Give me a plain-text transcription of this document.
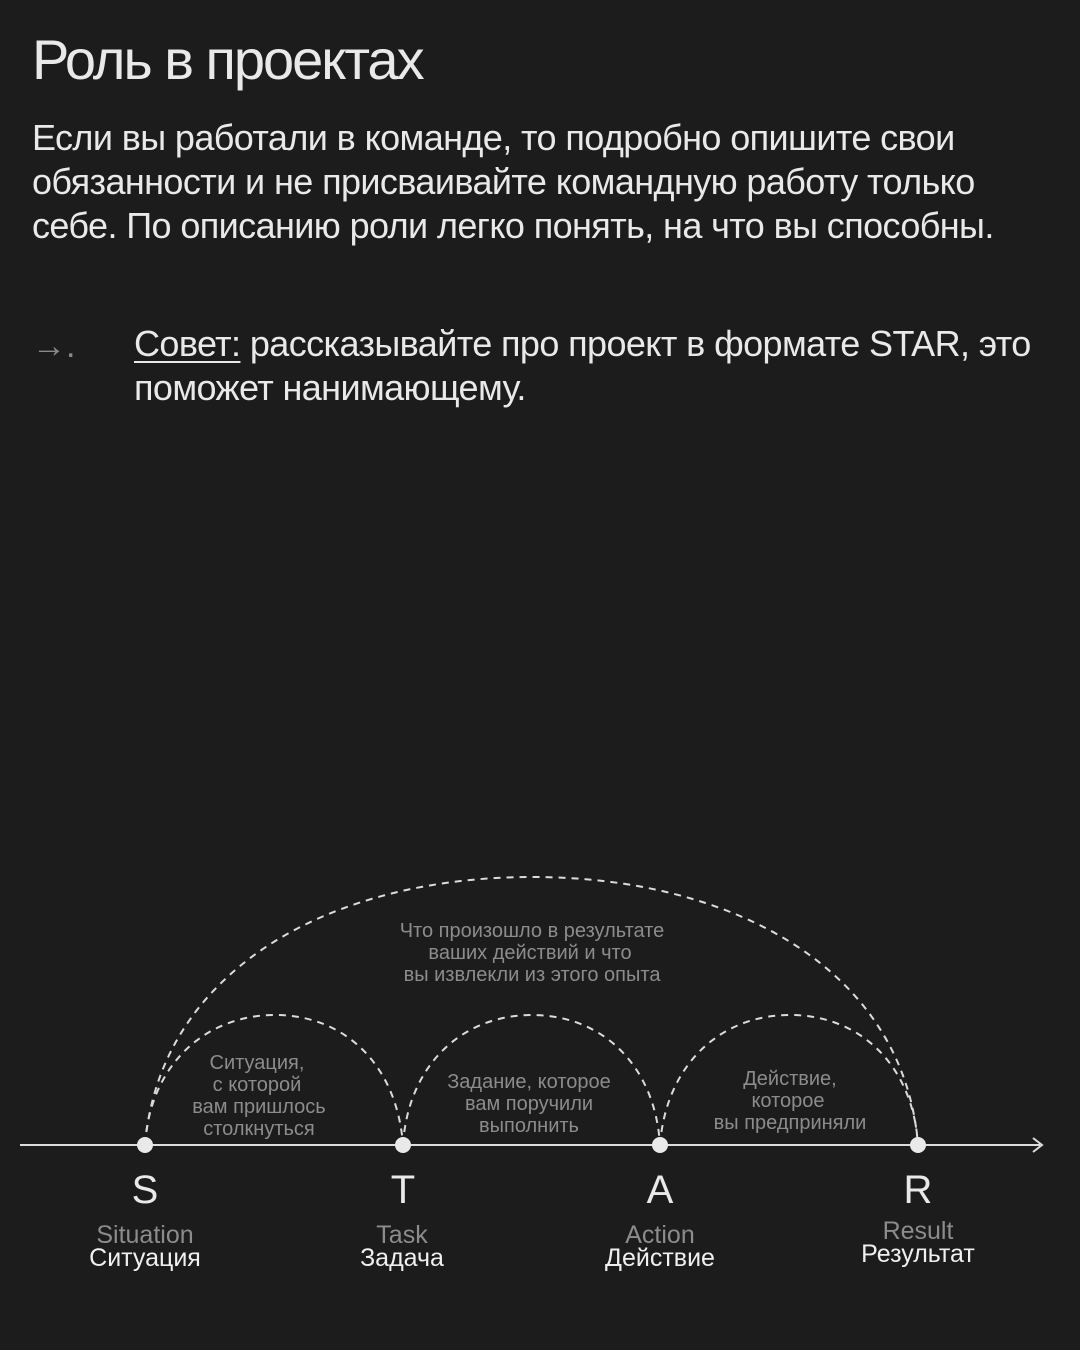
Роль в проектах

Если вы работали в команде, то подробно опишите свои обязанности и не присваивайте командную работу только себе. По описанию роли легко понять, на что вы способны.

→. Совет: рассказывайте про проект в формате STAR, это поможет нанимающему.

Что произошло в результате
ваших действий и что
вы извлекли из этого опыта
Ситуация,
с которой
вам пришлось
столкнуться
Задание, которое
вам поручили
выполнить
Действие,
которое
вы предприняли
S
Situation
Ситуация
T
Task
Задача
A
Action
Действие
R
Result
Результат
